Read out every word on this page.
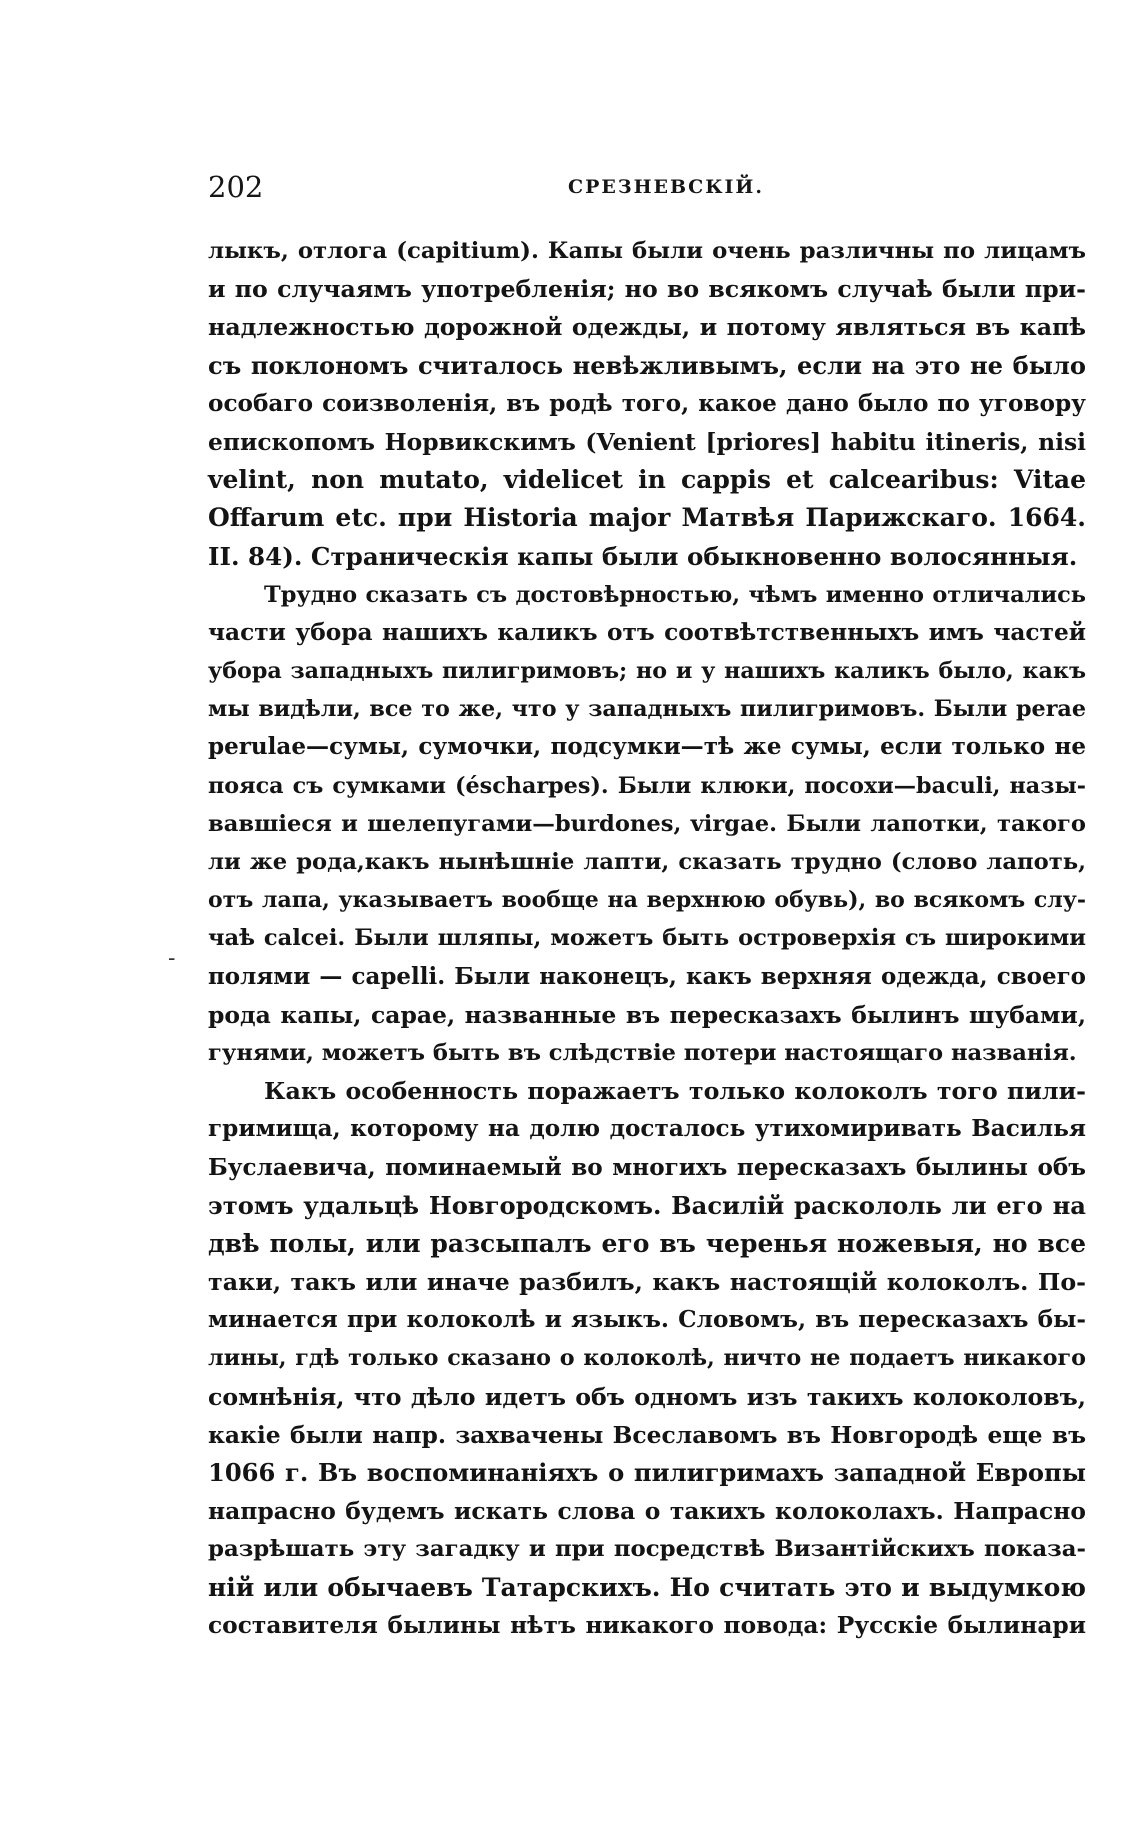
202	СРЕЗНЕВСКІЙ.
-

лыкъ, отлога (capitium). Капы были очень различны по лицамъ
и по случаямъ употребленія; но во всякомъ случаѣ были при-
надлежностью дорожной одежды, и потому являться въ капѣ
съ поклономъ считалось невѣжливымъ, если на это не было
особаго соизволенія, въ родѣ того, какое дано было по уговору
епископомъ Норвикскимъ (Venient [priores] habitu itineris, nisi
velint, non mutato, videlicet in cappis et calcearibus: Vitae
Offarum etc. при Historia major Матвѣя Парижскаго. 1664.
II. 84). Страническія капы были обыкновенно волосянныя.

Трудно сказать съ достовѣрностью, чѣмъ именно отличались
части убора нашихъ каликъ отъ соотвѣтственныхъ имъ частей
убора западныхъ пилигримовъ; но и у нашихъ каликъ было, какъ
мы видѣли, все то же, что у западныхъ пилигримовъ. Были perae
perulae—сумы, сумочки, подсумки—тѣ же сумы, если только не
пояса съ сумками (éscharpes). Были клюки, посохи—baculi, назы-
вавшіеся и шелепугами—burdones, virgae. Были лапотки, такого
ли же рода,какъ нынѣшніе лапти, сказать трудно (слово лапоть,
отъ лапа, указываетъ вообще на верхнюю обувь), во всякомъ слу-
чаѣ calcei. Были шляпы, можетъ быть островерхія съ широкими
полями — capelli. Были наконецъ, какъ верхняя одежда, своего
рода капы, сарае, названные въ пересказахъ былинъ шубами,
гунями, можетъ быть въ слѣдствіе потери настоящаго названія.

Какъ особенность поражаетъ только колоколъ того пили-
гримища, которому на долю досталось утихомиривать Василья
Буслаевича, поминаемый во многихъ пересказахъ былины объ
этомъ удальцѣ Новгородскомъ. Василій раскололь ли его на
двѣ полы, или разсыпалъ его въ черенья ножевыя, но все
таки, такъ или иначе разбилъ, какъ настоящій колоколъ. По-
минается при колоколѣ и языкъ. Словомъ, въ пересказахъ бы-
лины, гдѣ только сказано о колоколѣ, ничто не подаетъ никакого
сомнѣнія, что дѣло идетъ объ одномъ изъ такихъ колоколовъ,
какіе были напр. захвачены Всеславомъ въ Новгородѣ еще въ
1066 г. Въ воспоминаніяхъ о пилигримахъ западной Европы
напрасно будемъ искать слова о такихъ колоколахъ. Напрасно
разрѣшать эту загадку и при посредствѣ Византійскихъ показа-
ній или обычаевъ Татарскихъ. Но считать это и выдумкою
составителя былины нѣтъ никакого повода: Русскіе былинари
